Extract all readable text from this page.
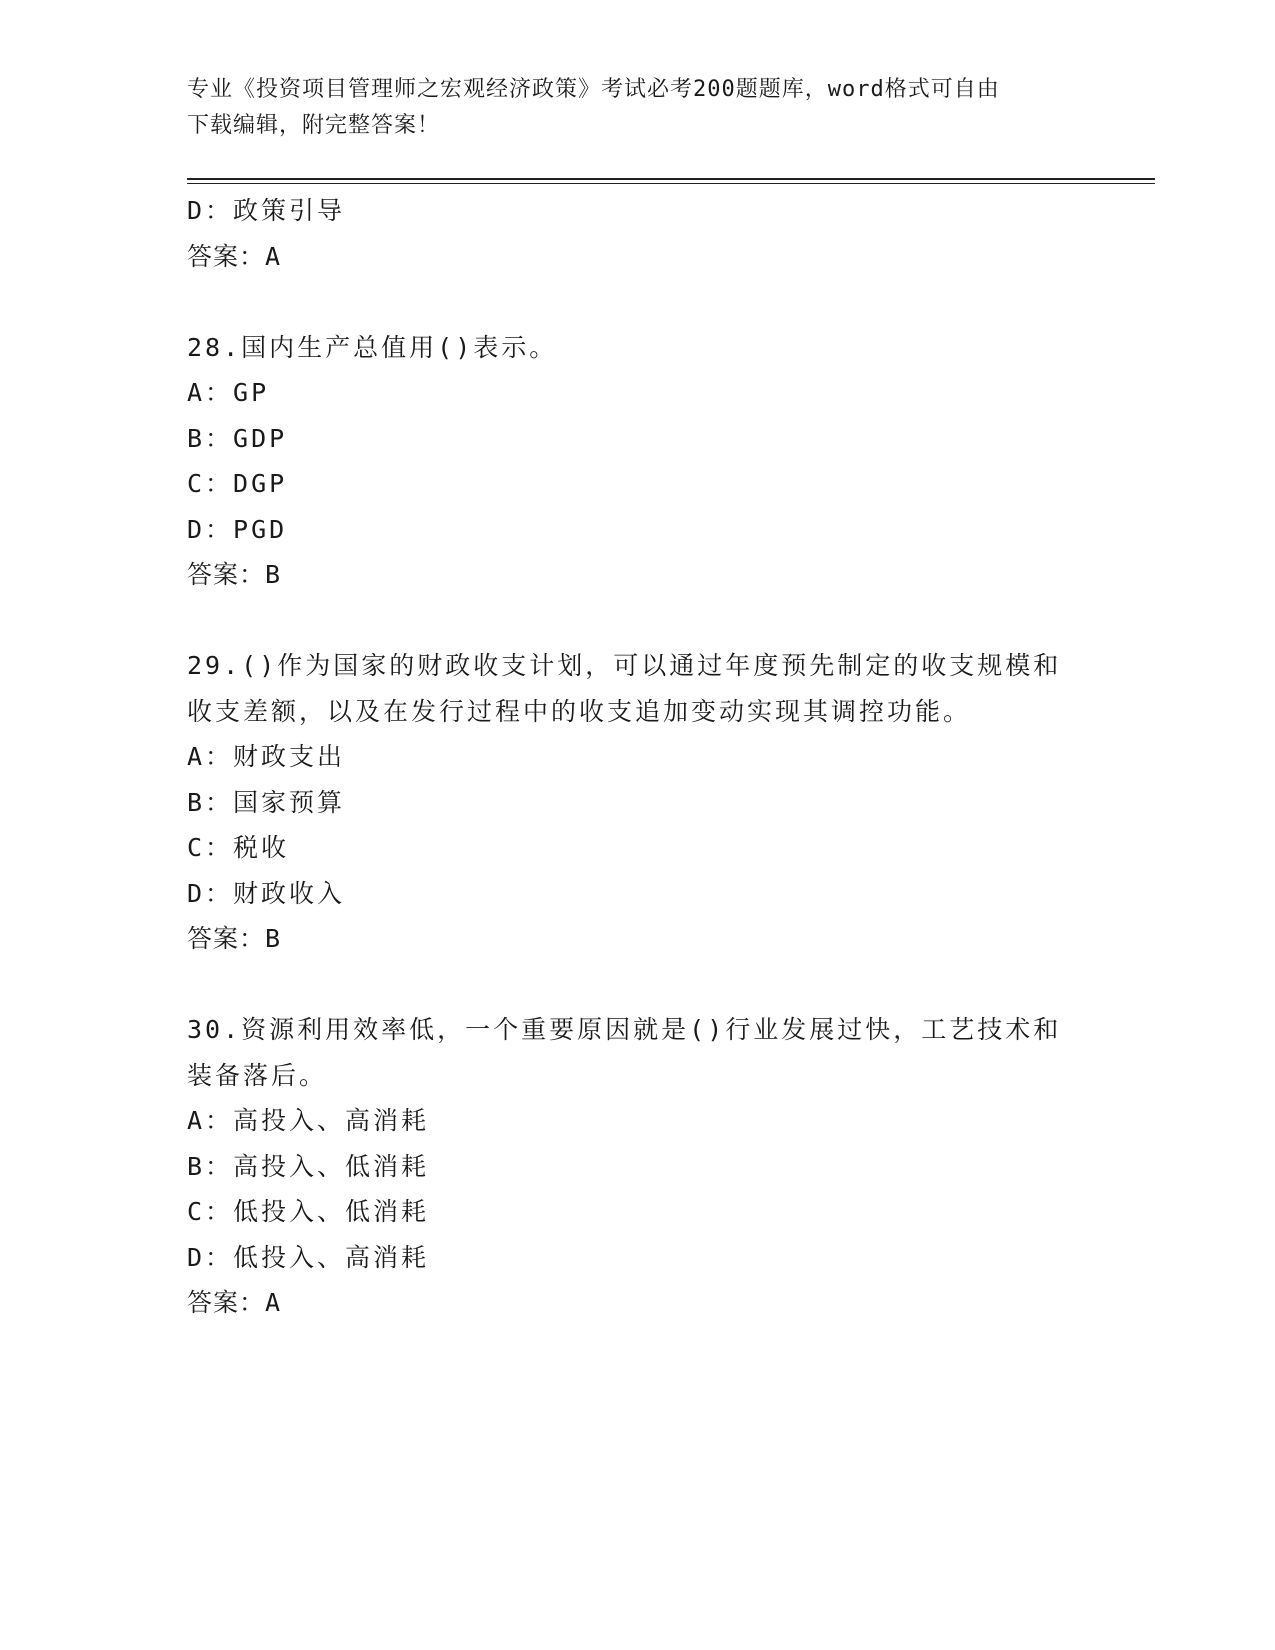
专业《投资项目管理师之宏观经济政策》考试必考200题题库，word格式可自由
下载编辑，附完整答案！
D：政策引导
答案：A
28.国内生产总值用()表示。
A：GP
B：GDP
C：DGP
D：PGD
答案：B
29.()作为国家的财政收支计划，可以通过年度预先制定的收支规模和
收支差额，以及在发行过程中的收支追加变动实现其调控功能。
A：财政支出
B：国家预算
C：税收
D：财政收入
答案：B
30.资源利用效率低，一个重要原因就是()行业发展过快，工艺技术和
装备落后。
A：高投入、高消耗
B：高投入、低消耗
C：低投入、低消耗
D：低投入、高消耗
答案：A
